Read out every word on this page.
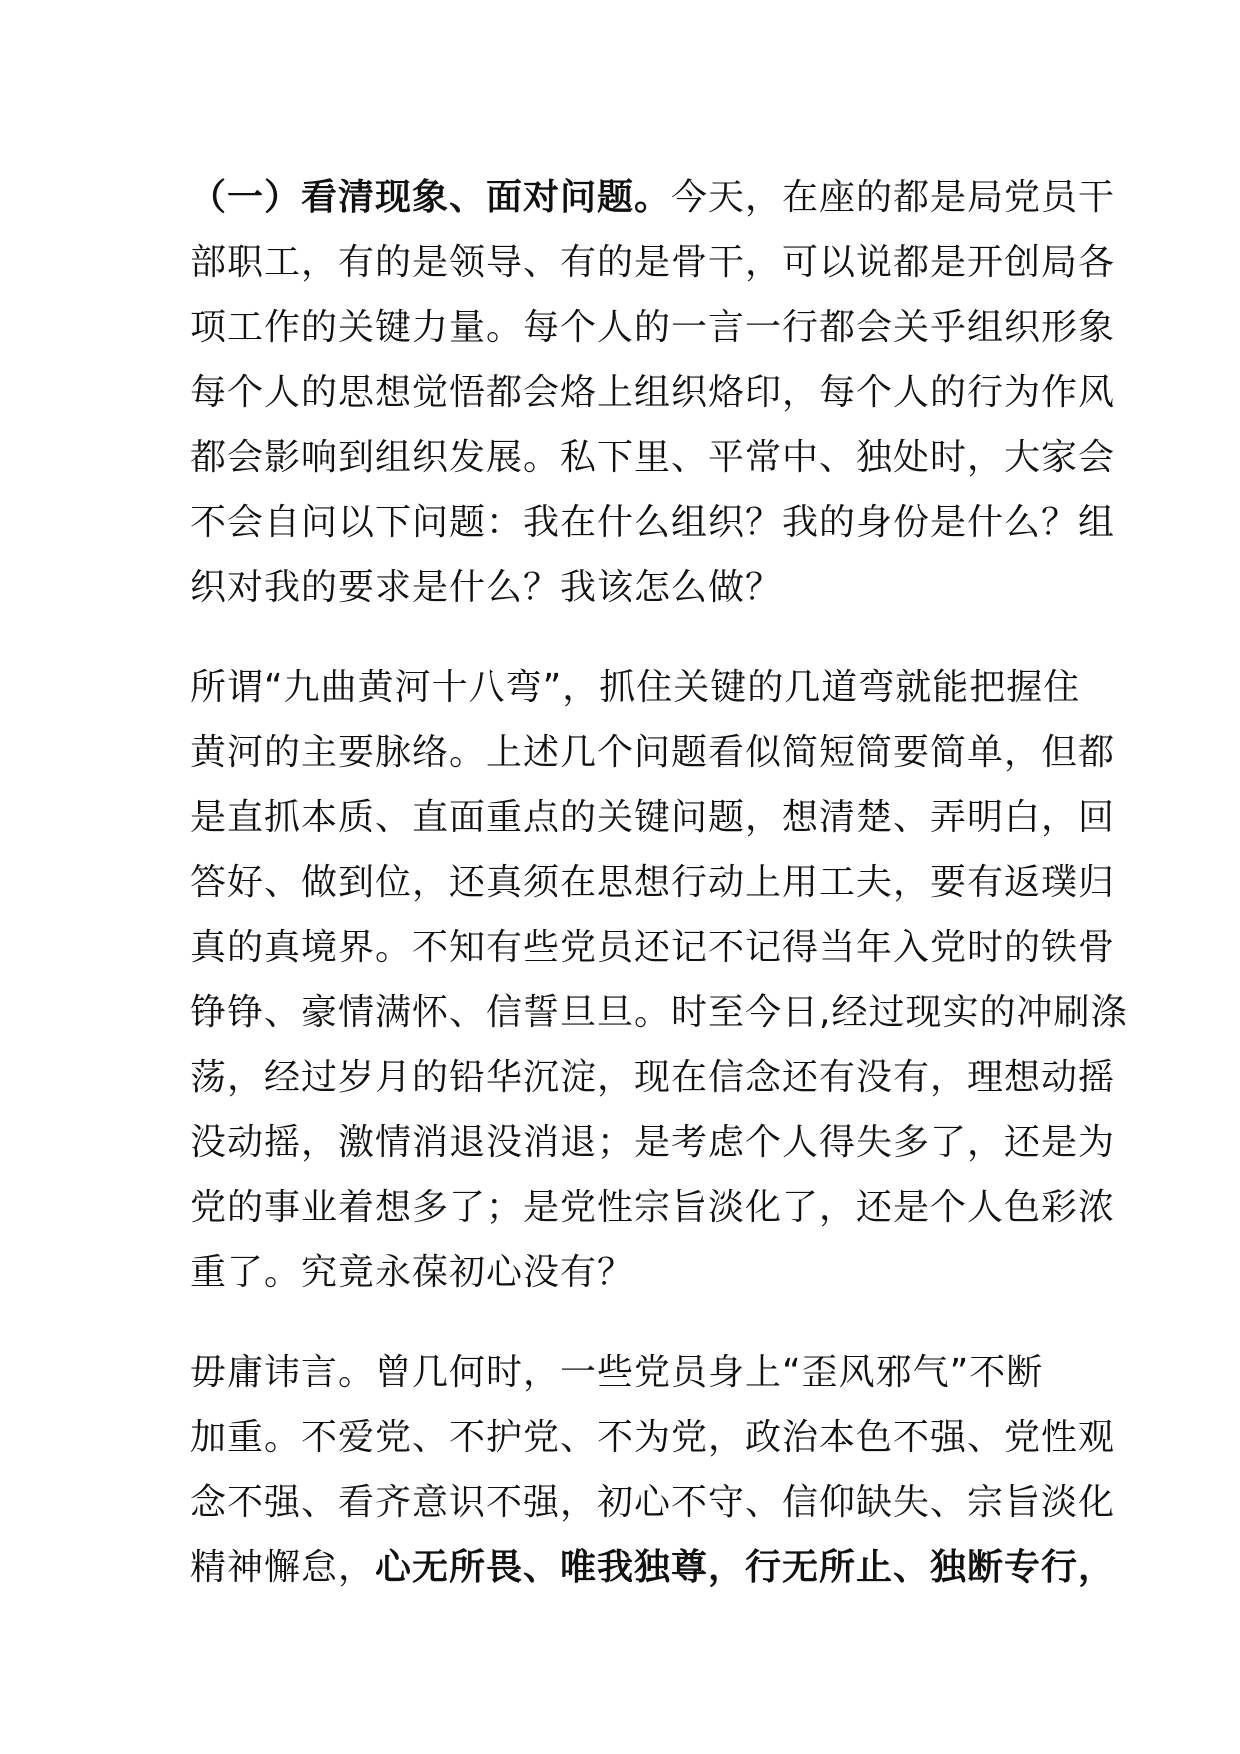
（一）看清现象、面对问题。今天，在座的都是局党员干
部职工，有的是领导、有的是骨干，可以说都是开创局各
项工作的关键力量。每个人的一言一行都会关乎组织形象
每个人的思想觉悟都会烙上组织烙印，每个人的行为作风
都会影响到组织发展。私下里、平常中、独处时，大家会
不会自问以下问题：我在什么组织？我的身份是什么？组
织对我的要求是什么？我该怎么做？

所谓“九曲黄河十八弯”，抓住关键的几道弯就能把握住
黄河的主要脉络。上述几个问题看似简短简要简单，但都
是直抓本质、直面重点的关键问题，想清楚、弄明白，回
答好、做到位，还真须在思想行动上用工夫，要有返璞归
真的真境界。不知有些党员还记不记得当年入党时的铁骨
铮铮、豪情满怀、信誓旦旦。时至今日,经过现实的冲刷涤
荡，经过岁月的铅华沉淀，现在信念还有没有，理想动摇
没动摇，激情消退没消退；是考虑个人得失多了，还是为
党的事业着想多了；是党性宗旨淡化了，还是个人色彩浓
重了。究竟永葆初心没有？

毋庸讳言。曾几何时，一些党员身上“歪风邪气”不断
加重。不爱党、不护党、不为党，政治本色不强、党性观
念不强、看齐意识不强，初心不守、信仰缺失、宗旨淡化
精神懈怠，心无所畏、唯我独尊，行无所止、独断专行，
